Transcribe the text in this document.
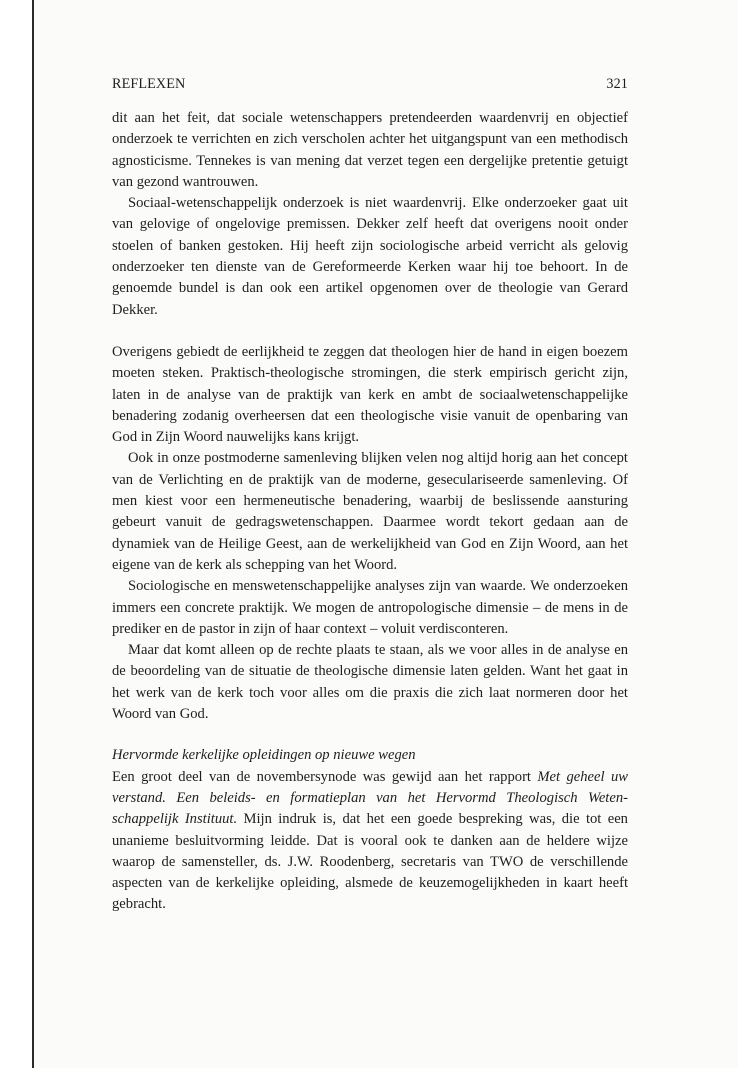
REFLEXEN	321

dit aan het feit, dat sociale wetenschappers pretendeerden waardenvrij en objectief onderzoek te verrichten en zich verscholen achter het uitgangspunt van een methodisch agnosticisme. Tennekes is van mening dat verzet tegen een dergelijke pretentie getuigt van gezond wantrouwen.

Sociaal-wetenschappelijk onderzoek is niet waardenvrij. Elke onderzoeker gaat uit van gelovige of ongelovige premissen. Dekker zelf heeft dat overigens nooit onder stoelen of banken gestoken. Hij heeft zijn sociologische arbeid verricht als gelovig onderzoeker ten dienste van de Gereformeerde Kerken waar hij toe behoort. In de genoemde bundel is dan ook een artikel opgenomen over de theologie van Gerard Dekker.

Overigens gebiedt de eerlijkheid te zeggen dat theologen hier de hand in eigen boezem moeten steken. Praktisch-theologische stromingen, die sterk empirisch gericht zijn, laten in de analyse van de praktijk van kerk en ambt de sociaalwetenschappelijke benadering zodanig overheersen dat een theologische visie vanuit de openbaring van God in Zijn Woord nauwelijks kans krijgt.

Ook in onze postmoderne samenleving blijken velen nog altijd horig aan het concept van de Verlichting en de praktijk van de moderne, geseculariseerde samenleving. Of men kiest voor een hermeneutische benadering, waarbij de beslissende aansturing gebeurt vanuit de gedragswetenschappen. Daarmee wordt tekort gedaan aan de dynamiek van de Heilige Geest, aan de werkelijkheid van God en Zijn Woord, aan het eigene van de kerk als schepping van het Woord.

Sociologische en menswetenschappelijke analyses zijn van waarde. We onderzoeken immers een concrete praktijk. We mogen de antropologische dimensie – de mens in de prediker en de pastor in zijn of haar context – voluit verdisconteren.

Maar dat komt alleen op de rechte plaats te staan, als we voor alles in de analyse en de beoordeling van de situatie de theologische dimensie laten gelden. Want het gaat in het werk van de kerk toch voor alles om die praxis die zich laat normeren door het Woord van God.

Hervormde kerkelijke opleidingen op nieuwe wegen

Een groot deel van de novembersynode was gewijd aan het rapport Met geheel uw verstand. Een beleids- en formatieplan van het Hervormd Theologisch Wetenschappelijk Instituut. Mijn indruk is, dat het een goede bespreking was, die tot een unanieme besluitvorming leidde. Dat is vooral ook te danken aan de heldere wijze waarop de samensteller, ds. J.W. Roodenberg, secretaris van TWO de verschillende aspecten van de kerkelijke opleiding, alsmede de keuzemogelijkheden in kaart heeft gebracht.
